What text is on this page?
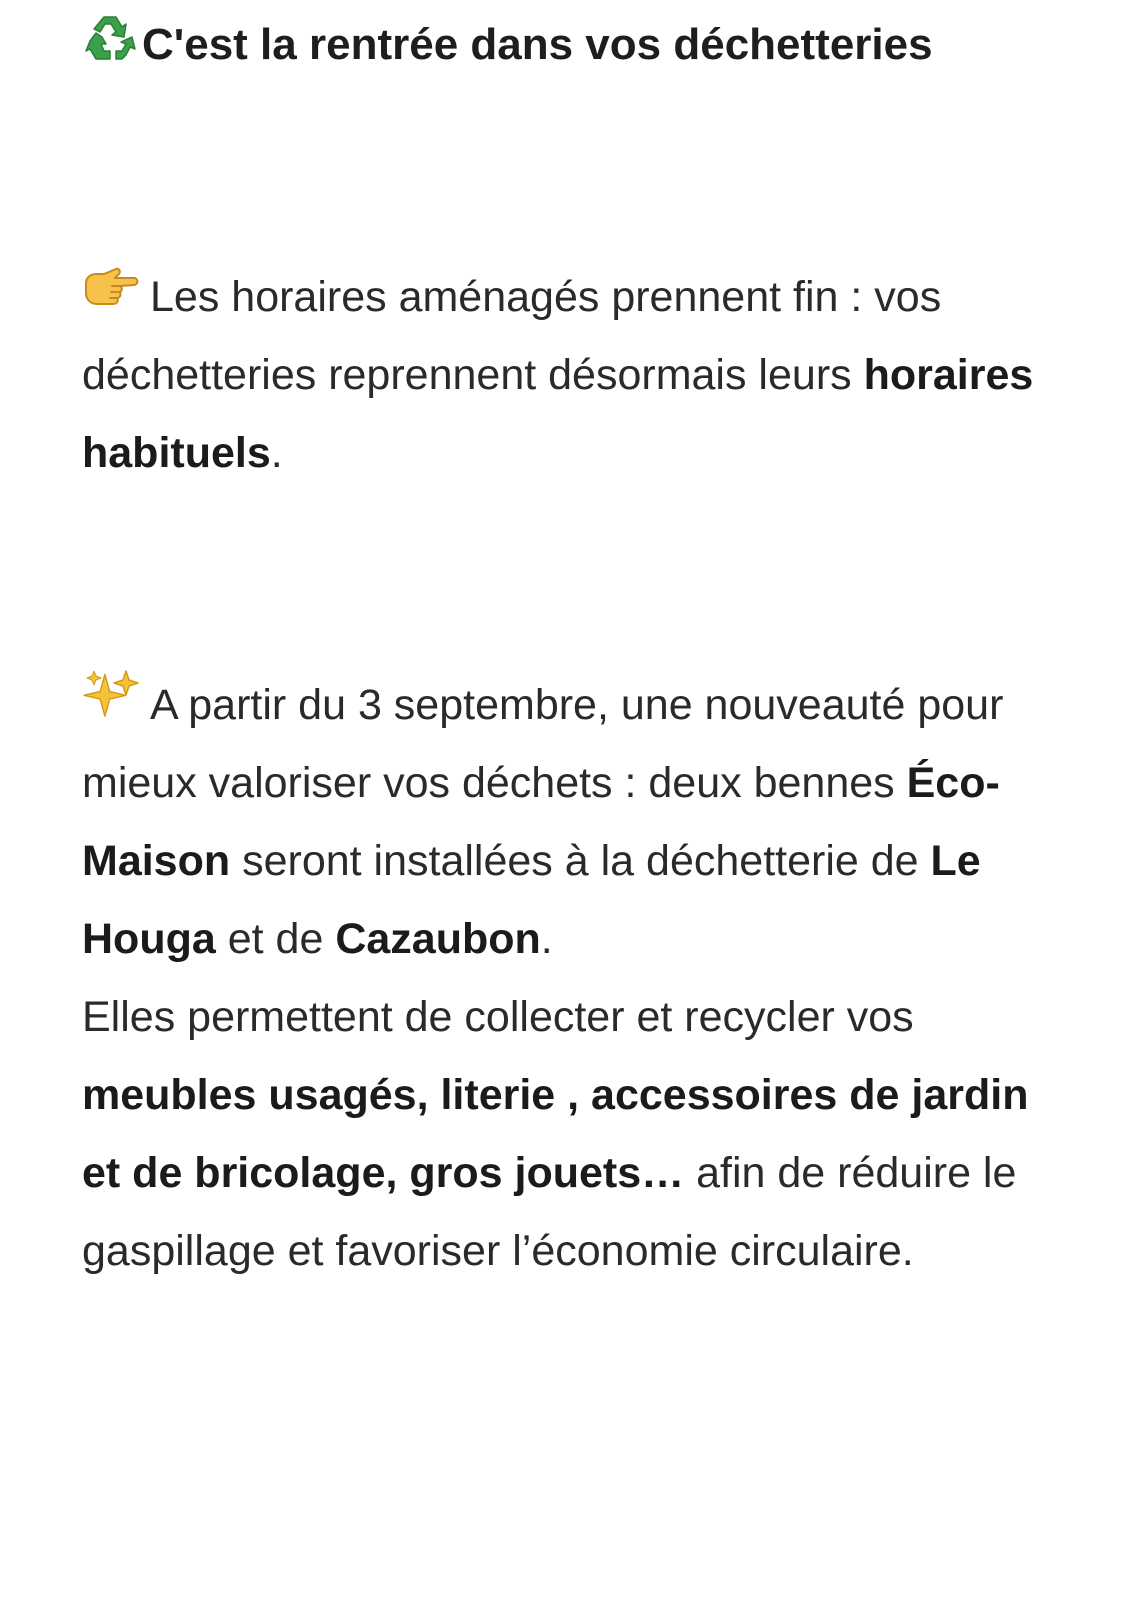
C'est la rentrée dans vos déchetteries

Les horaires aménagés prennent fin : vos déchetteries reprennent désormais leurs horaires habituels.

A partir du 3 septembre, une nouveauté pour mieux valoriser vos déchets : deux bennes Éco-Maison seront installées à la déchetterie de Le Houga et de Cazaubon.

Elles permettent de collecter et recycler vos meubles usagés, literie , accessoires de jardin et de bricolage, gros jouets… afin de réduire le gaspillage et favoriser l’économie circulaire.
